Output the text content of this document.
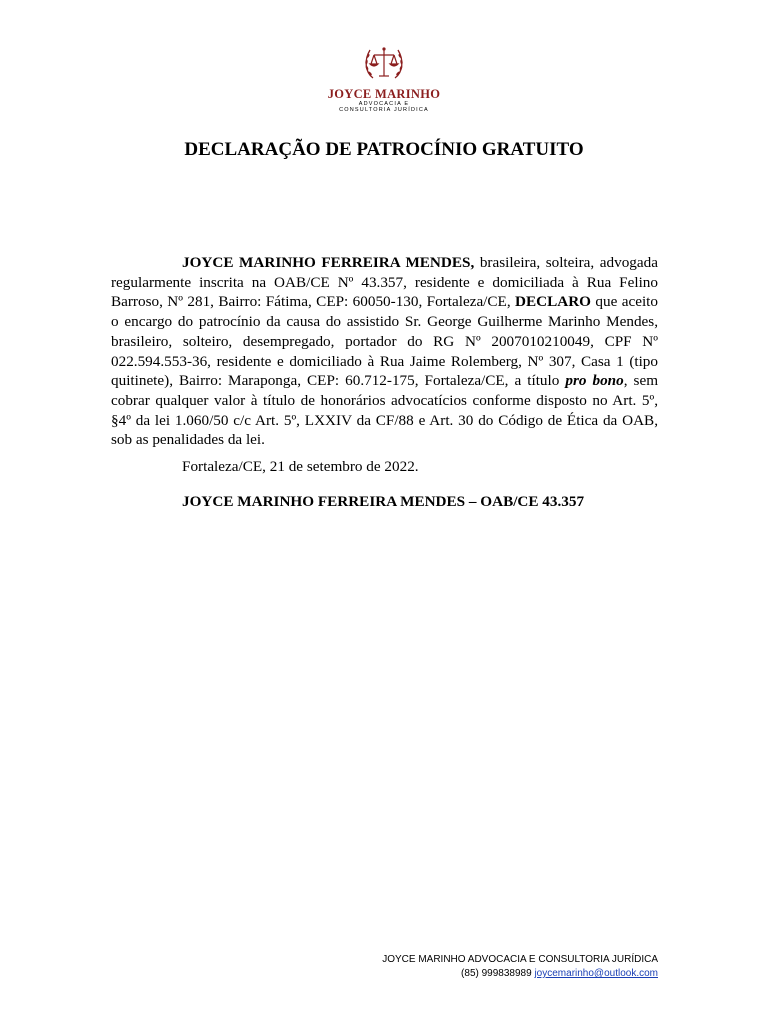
JOYCE MARINHO
ADVOCACIA E
CONSULTORIA JURÍDICA
DECLARAÇÃO DE PATROCÍNIO GRATUITO

JOYCE MARINHO FERREIRA MENDES, brasileira, solteira, advogada regularmente inscrita na OAB/CE Nº 43.357, residente e domiciliada à Rua Felino Barroso, Nº 281, Bairro: Fátima, CEP: 60050-130, Fortaleza/CE, DECLARO que aceito o encargo do patrocínio da causa do assistido Sr. George Guilherme Marinho Mendes, brasileiro, solteiro, desempregado, portador do RG Nº 2007010210049, CPF Nº 022.594.553-36, residente e domiciliado à Rua Jaime Rolemberg, Nº 307, Casa 1 (tipo quitinete), Bairro: Maraponga, CEP: 60.712-175, Fortaleza/CE, a título pro bono, sem cobrar qualquer valor à título de honorários advocatícios conforme disposto no Art. 5º, §4º da lei 1.060/50 c/c Art. 5º, LXXIV da CF/88 e Art. 30 do Código de Ética da OAB, sob as penalidades da lei.

Fortaleza/CE, 21 de setembro de 2022.
JOYCE MARINHO FERREIRA MENDES – OAB/CE 43.357
JOYCE MARINHO ADVOCACIA E CONSULTORIA JURÍDICA
(85) 999838989 joycemarinho@outlook.com
